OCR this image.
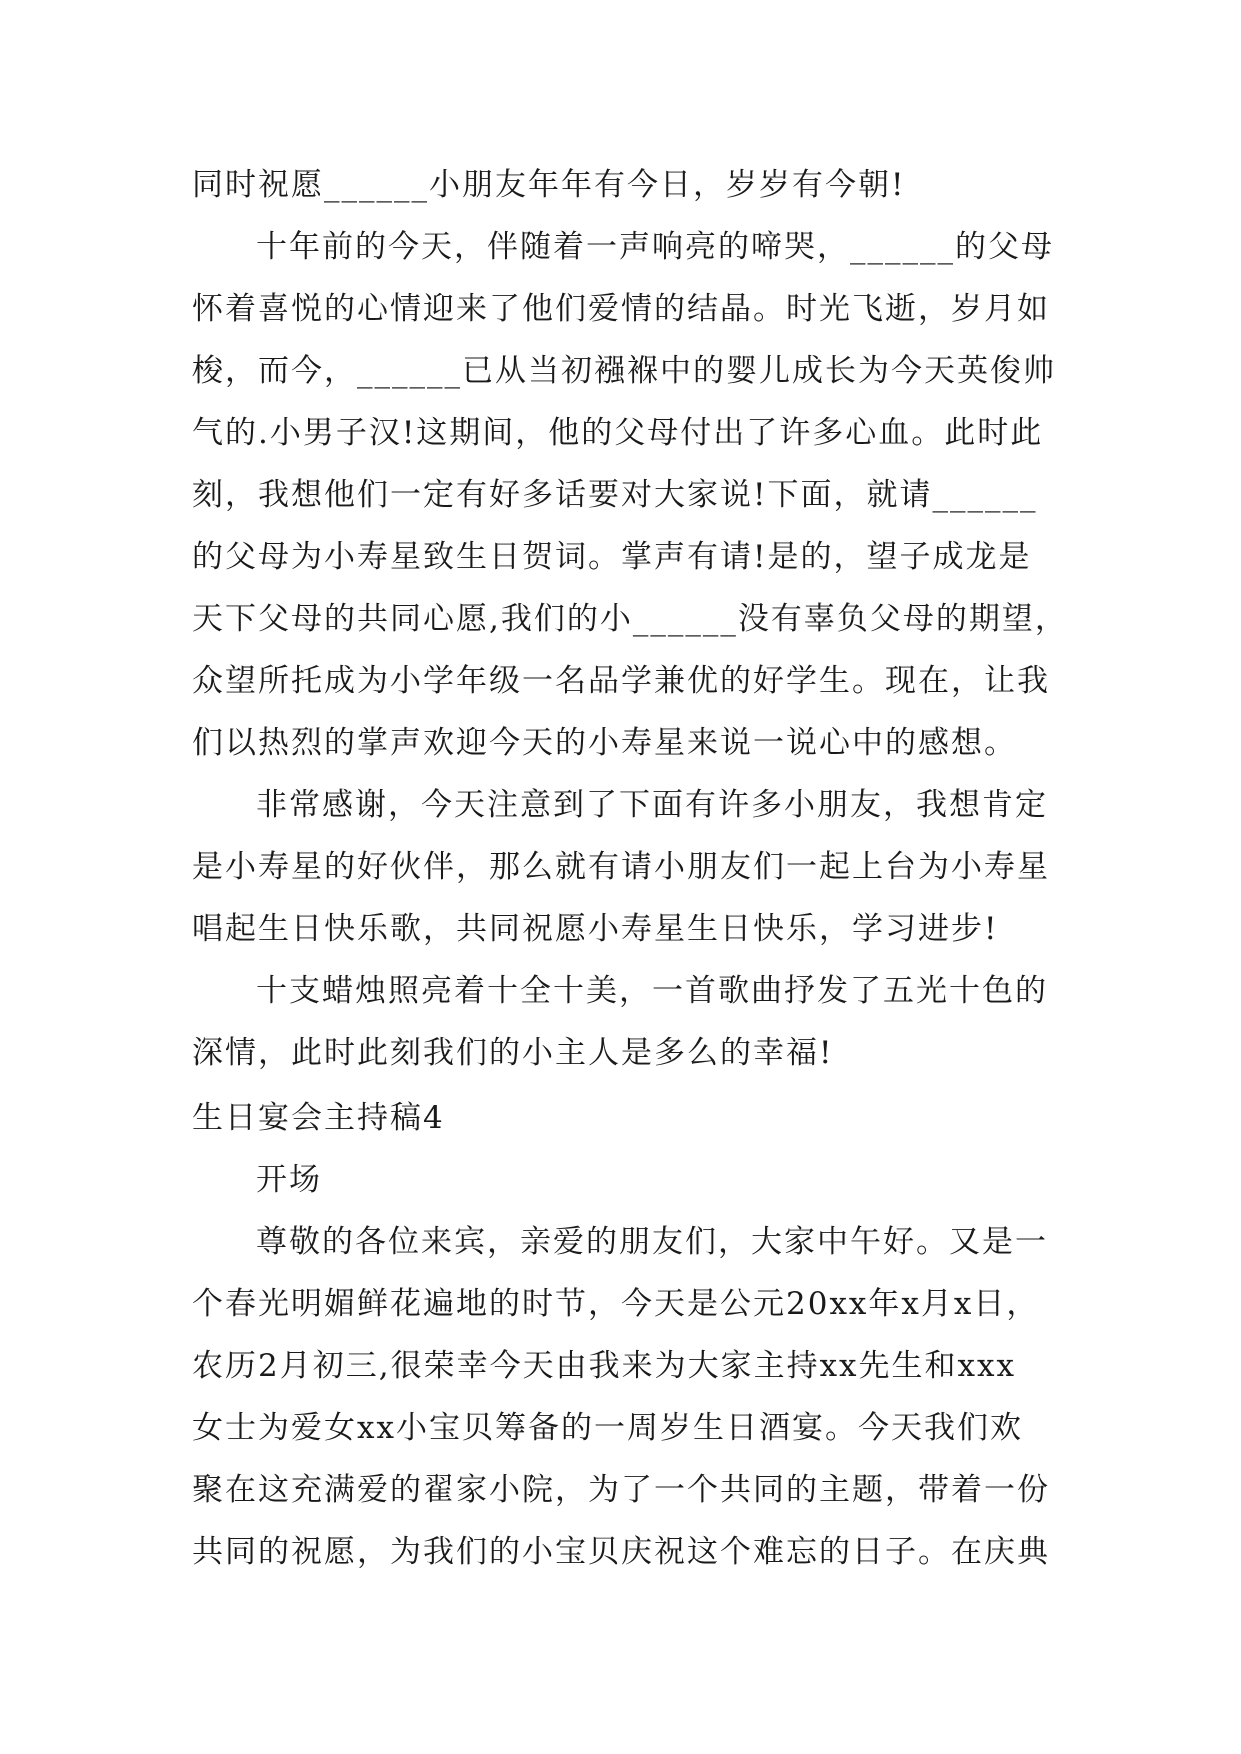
同时祝愿______小朋友年年有今日，岁岁有今朝!
十年前的今天，伴随着一声响亮的啼哭，______的父母
怀着喜悦的心情迎来了他们爱情的结晶。时光飞逝，岁月如
梭，而今，______已从当初襁褓中的婴儿成长为今天英俊帅
气的.小男子汉!这期间，他的父母付出了许多心血。此时此
刻，我想他们一定有好多话要对大家说!下面，就请______
的父母为小寿星致生日贺词。掌声有请!是的，望子成龙是
天下父母的共同心愿,我们的小______没有辜负父母的期望，
众望所托成为小学年级一名品学兼优的好学生。现在，让我
们以热烈的掌声欢迎今天的小寿星来说一说心中的感想。
非常感谢，今天注意到了下面有许多小朋友，我想肯定
是小寿星的好伙伴，那么就有请小朋友们一起上台为小寿星
唱起生日快乐歌，共同祝愿小寿星生日快乐，学习进步!
十支蜡烛照亮着十全十美，一首歌曲抒发了五光十色的
深情，此时此刻我们的小主人是多么的幸福!
生日宴会主持稿4
开场
尊敬的各位来宾，亲爱的朋友们，大家中午好。又是一
个春光明媚鲜花遍地的时节，今天是公元20xx年x月x日，
农历2月初三,很荣幸今天由我来为大家主持xx先生和xxx
女士为爱女xx小宝贝筹备的一周岁生日酒宴。今天我们欢
聚在这充满爱的翟家小院，为了一个共同的主题，带着一份
共同的祝愿，为我们的小宝贝庆祝这个难忘的日子。在庆典
